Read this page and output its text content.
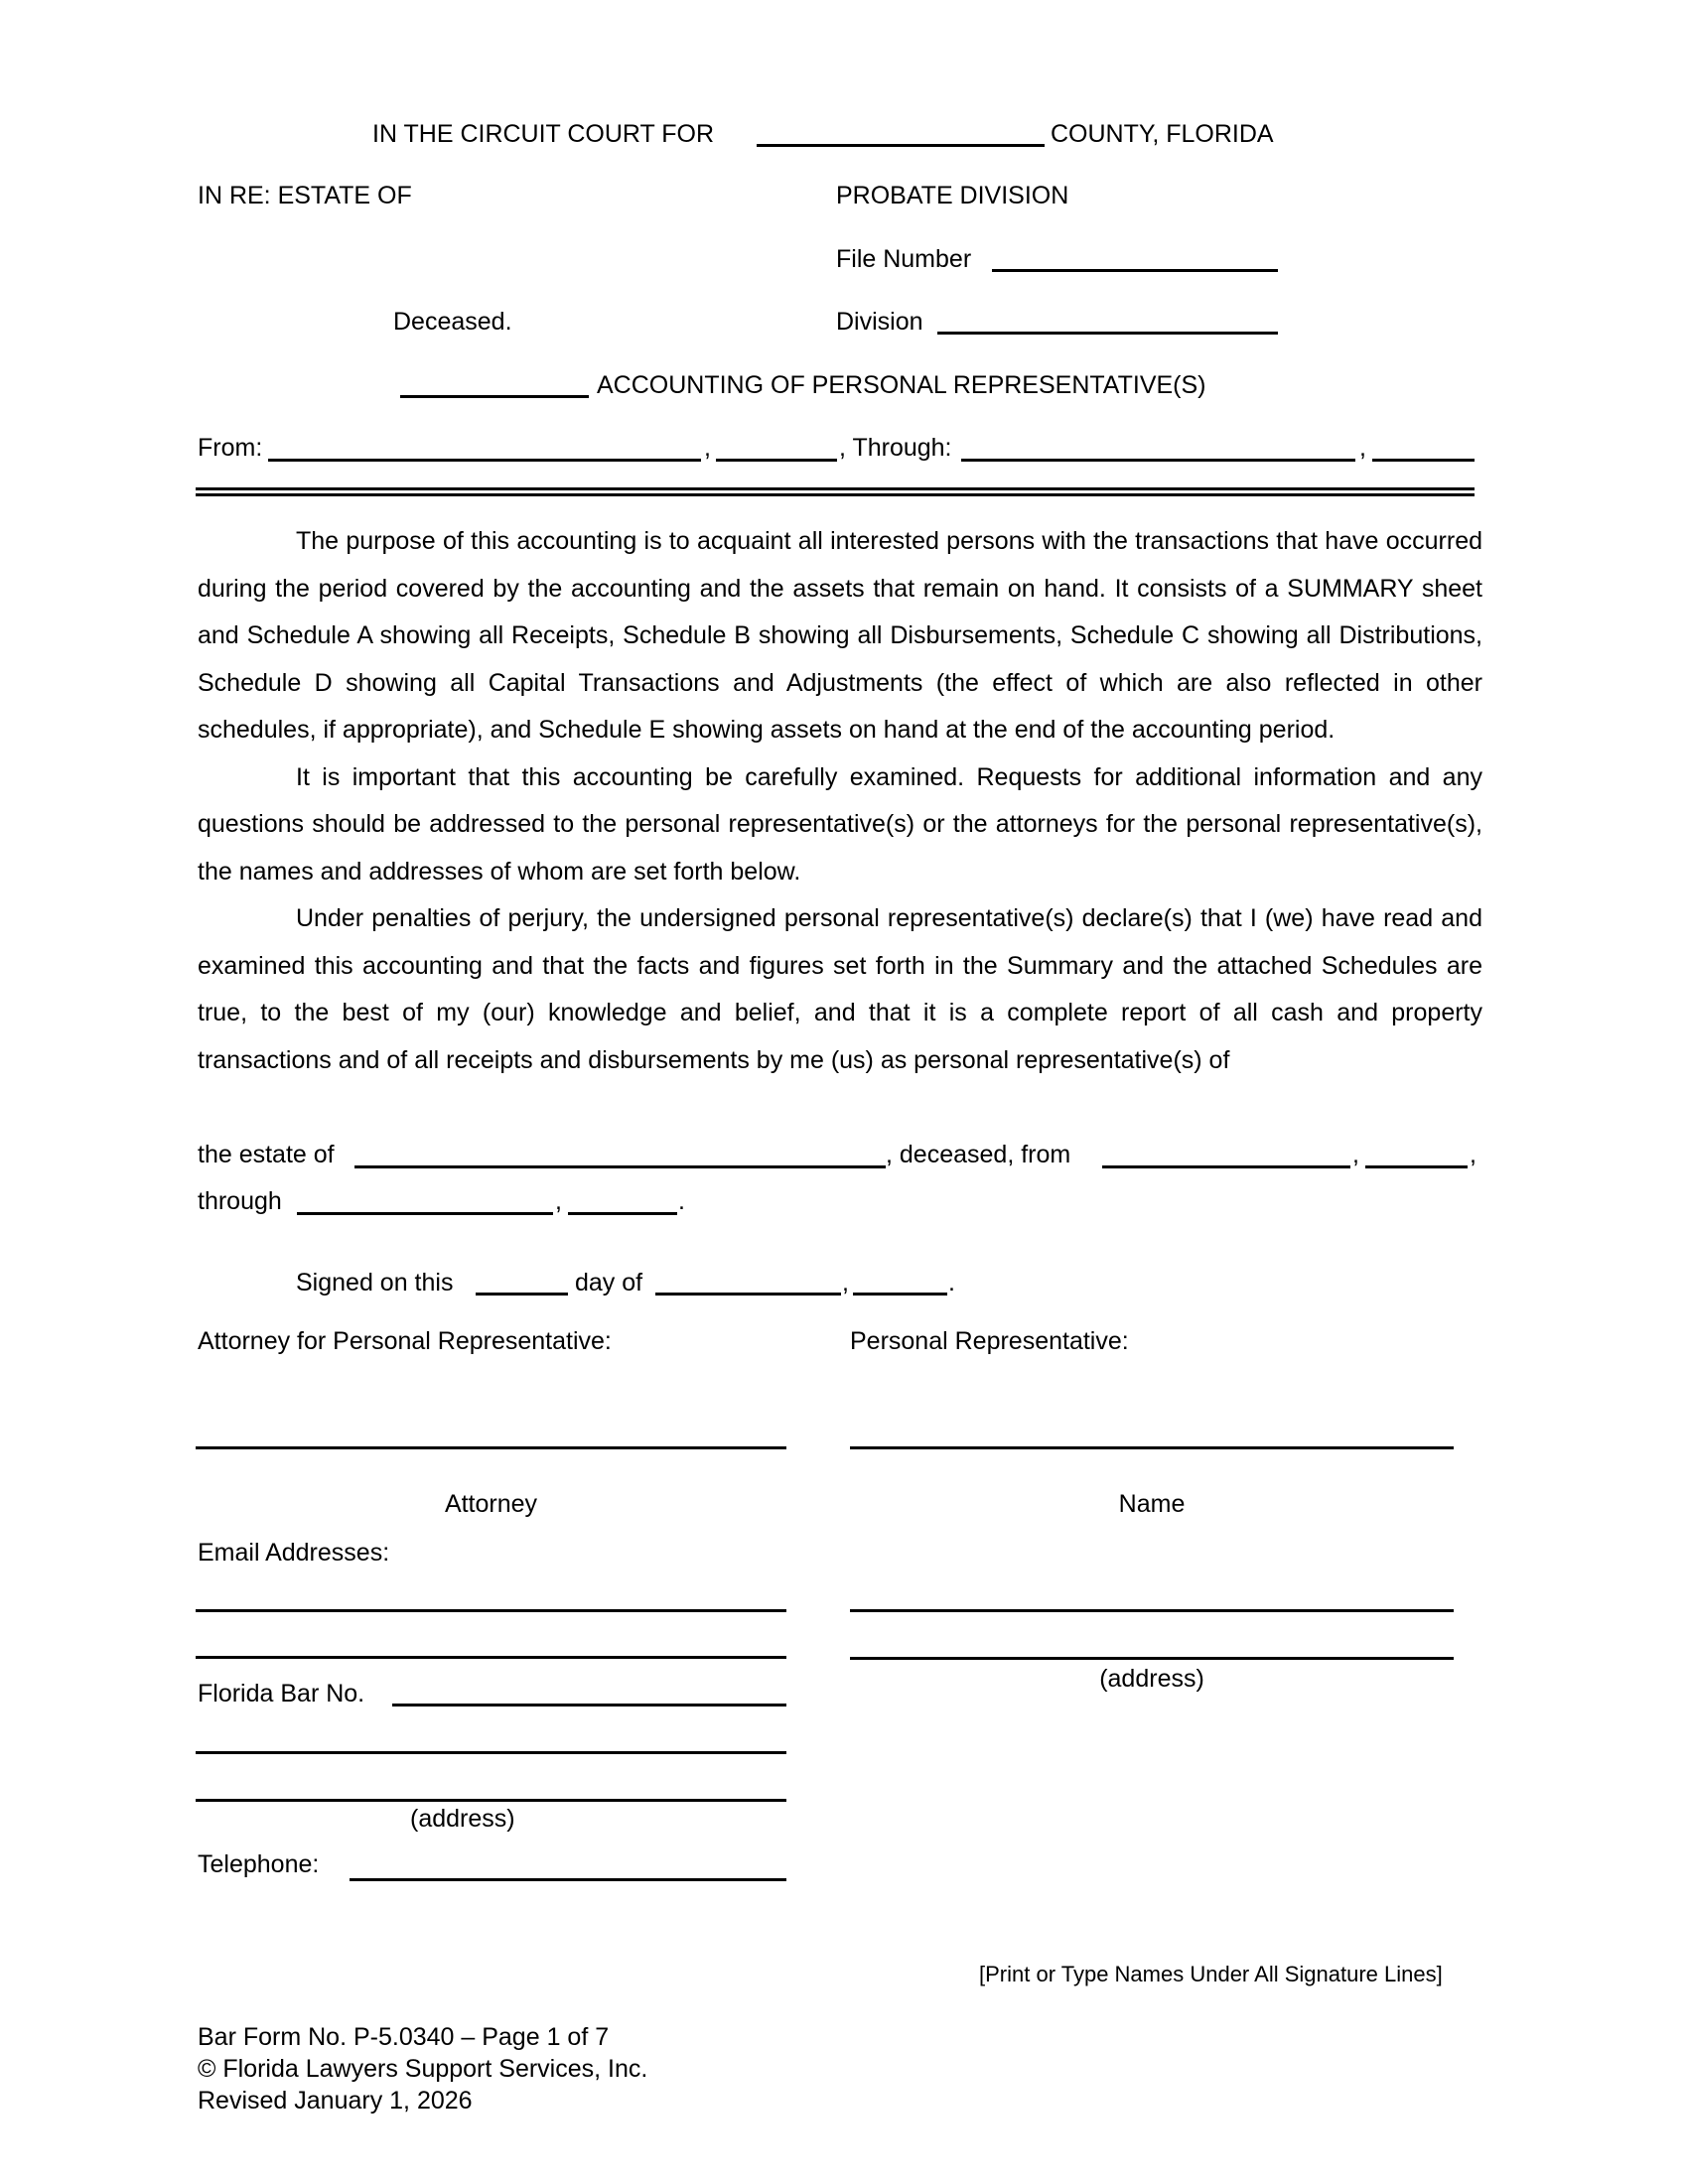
IN THE CIRCUIT COURT FOR	COUNTY, FLORIDA
IN RE: ESTATE OF	PROBATE DIVISION
File Number
Deceased.	Division
ACCOUNTING OF PERSONAL REPRESENTATIVE(S)
From:	,	, Through:	,

The purpose of this accounting is to acquaint all interested persons with the transactions that have occurred during the period covered by the accounting and the assets that remain on hand. It consists of a SUMMARY sheet and Schedule A showing all Receipts, Schedule B showing all Disbursements, Schedule C showing all Distributions, Schedule D showing all Capital Transactions and Adjustments (the effect of which are also reflected in other schedules, if appropriate), and Schedule E showing assets on hand at the end of the accounting period.

It is important that this accounting be carefully examined. Requests for additional information and any questions should be addressed to the personal representative(s) or the attorneys for the personal representative(s), the names and addresses of whom are set forth below.

Under penalties of perjury, the undersigned personal representative(s) declare(s) that I (we) have read and examined this accounting and that the facts and figures set forth in the Summary and the attached Schedules are true, to the best of my (our) knowledge and belief, and that it is a complete report of all cash and property transactions and of all receipts and disbursements by me (us) as personal representative(s) of

the estate of	, deceased, from	,	,
through	,	.
Signed on this	day of	,	.
Attorney for Personal Representative:	Personal Representative:
Attorney	Name
Email Addresses:
(address)
Florida Bar No.
(address)
Telephone:
[Print or Type Names Under All Signature Lines]
Bar Form No. P-5.0340 – Page 1 of 7
© Florida Lawyers Support Services, Inc.
Revised January 1, 2026
